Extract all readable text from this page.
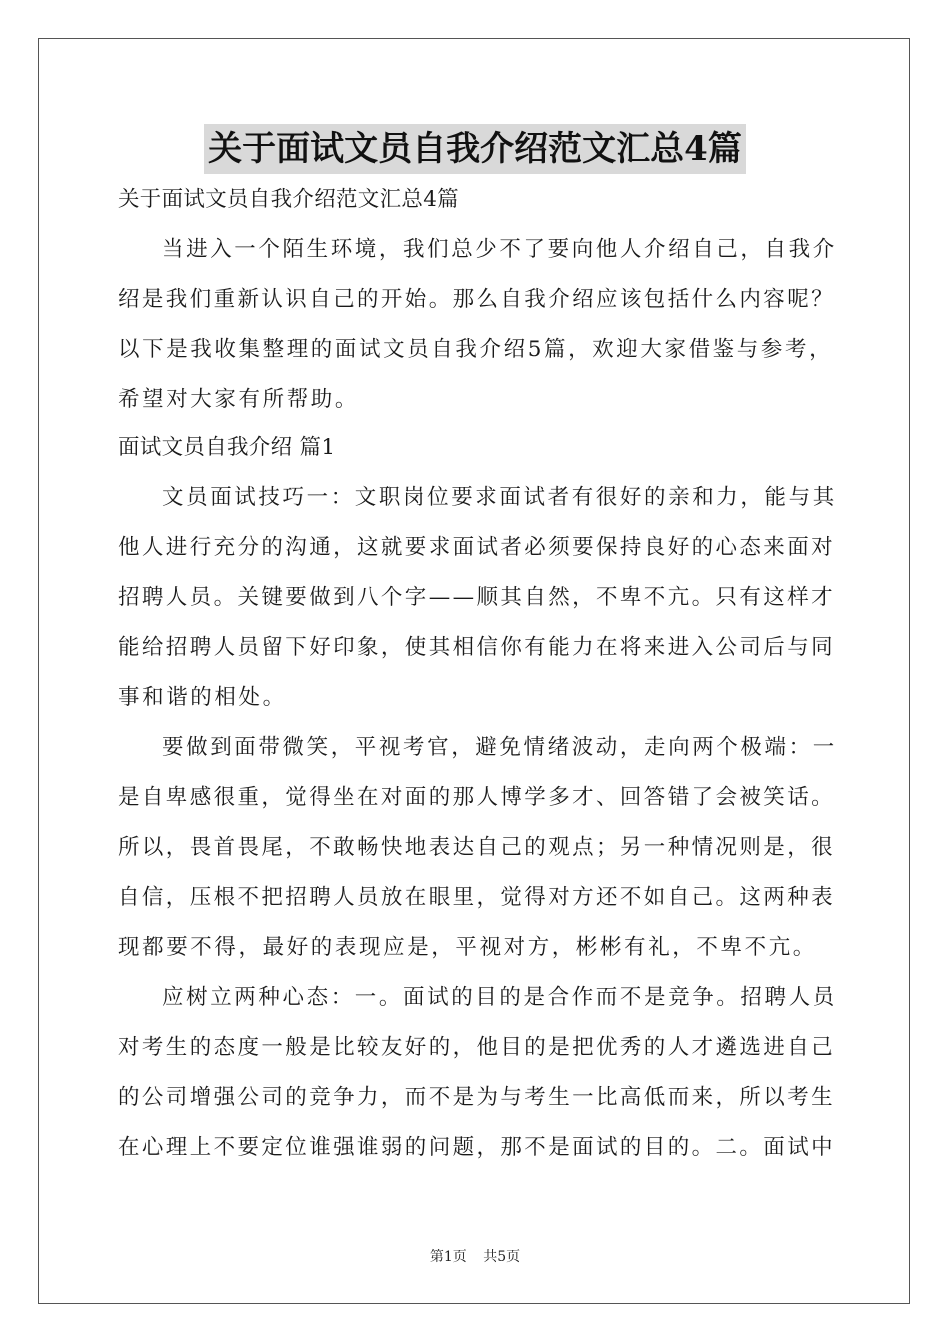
关于面试文员自我介绍范文汇总4篇
关于面试文员自我介绍范文汇总4篇
当进入一个陌生环境，我们总少不了要向他人介绍自己，自我介
绍是我们重新认识自己的开始。那么自我介绍应该包括什么内容呢？
以下是我收集整理的面试文员自我介绍5篇，欢迎大家借鉴与参考，
希望对大家有所帮助。
面试文员自我介绍 篇1
文员面试技巧一：文职岗位要求面试者有很好的亲和力，能与其
他人进行充分的沟通，这就要求面试者必须要保持良好的心态来面对
招聘人员。关键要做到八个字——顺其自然，不卑不亢。只有这样才
能给招聘人员留下好印象，使其相信你有能力在将来进入公司后与同
事和谐的相处。
要做到面带微笑，平视考官，避免情绪波动，走向两个极端：一
是自卑感很重，觉得坐在对面的那人博学多才、回答错了会被笑话。
所以，畏首畏尾，不敢畅快地表达自己的观点；另一种情况则是，很
自信，压根不把招聘人员放在眼里，觉得对方还不如自己。这两种表
现都要不得，最好的表现应是，平视对方，彬彬有礼，不卑不亢。
应树立两种心态：一。面试的目的是合作而不是竞争。招聘人员
对考生的态度一般是比较友好的，他目的是把优秀的人才遴选进自己
的公司增强公司的竞争力，而不是为与考生一比高低而来，所以考生
在心理上不要定位谁强谁弱的问题，那不是面试的目的。二。面试中
第1页 共5页
